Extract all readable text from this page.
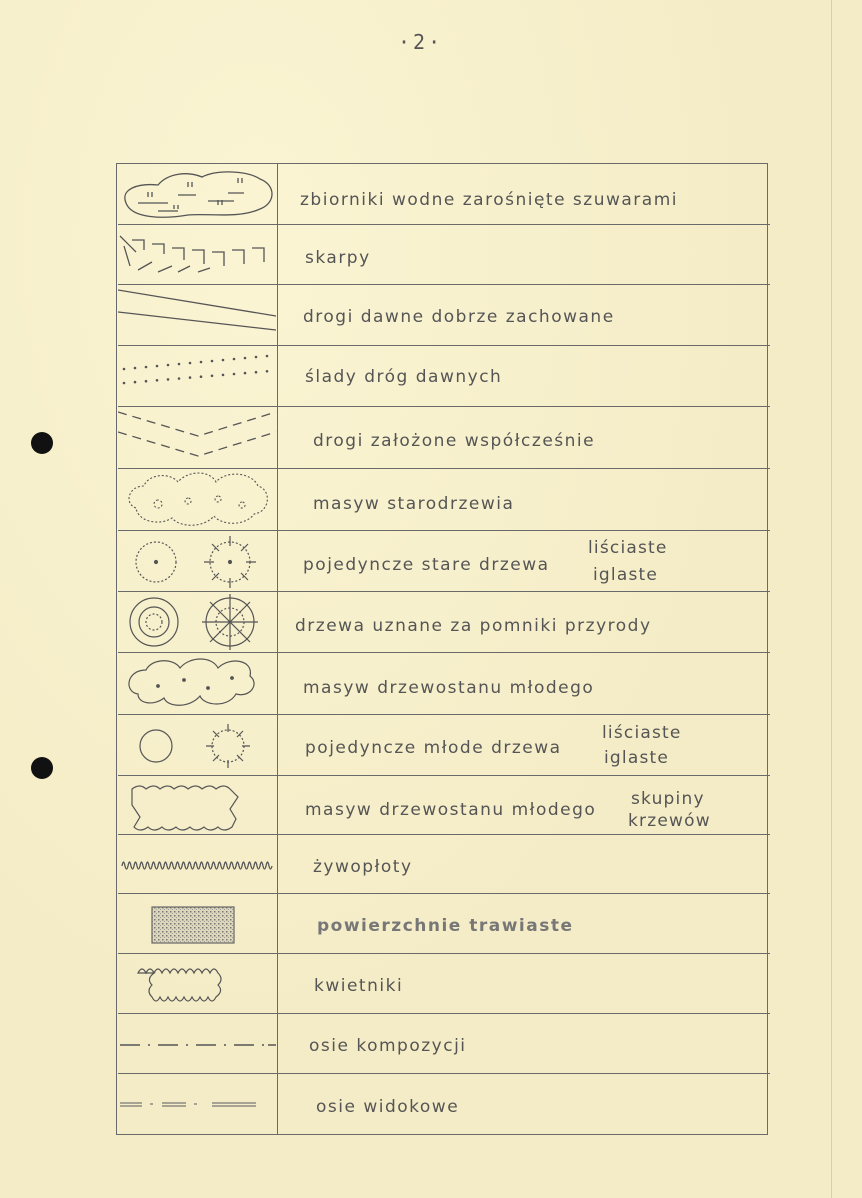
·2·
zbiorniki wodne zarośnięte szuwarami
skarpy
drogi dawne dobrze zachowane
ślady dróg dawnych
drogi założone współcześnie
masyw starodrzewia
pojedyncze stare drzewa
liściaste
iglaste
drzewa uznane za pomniki przyrody
masyw drzewostanu młodego
pojedyncze młode drzewa
liściaste
iglaste
masyw drzewostanu młodego
skupiny
krzewów
żywopłoty
powierzchnie trawiaste
kwietniki
osie kompozycji
osie widokowe
